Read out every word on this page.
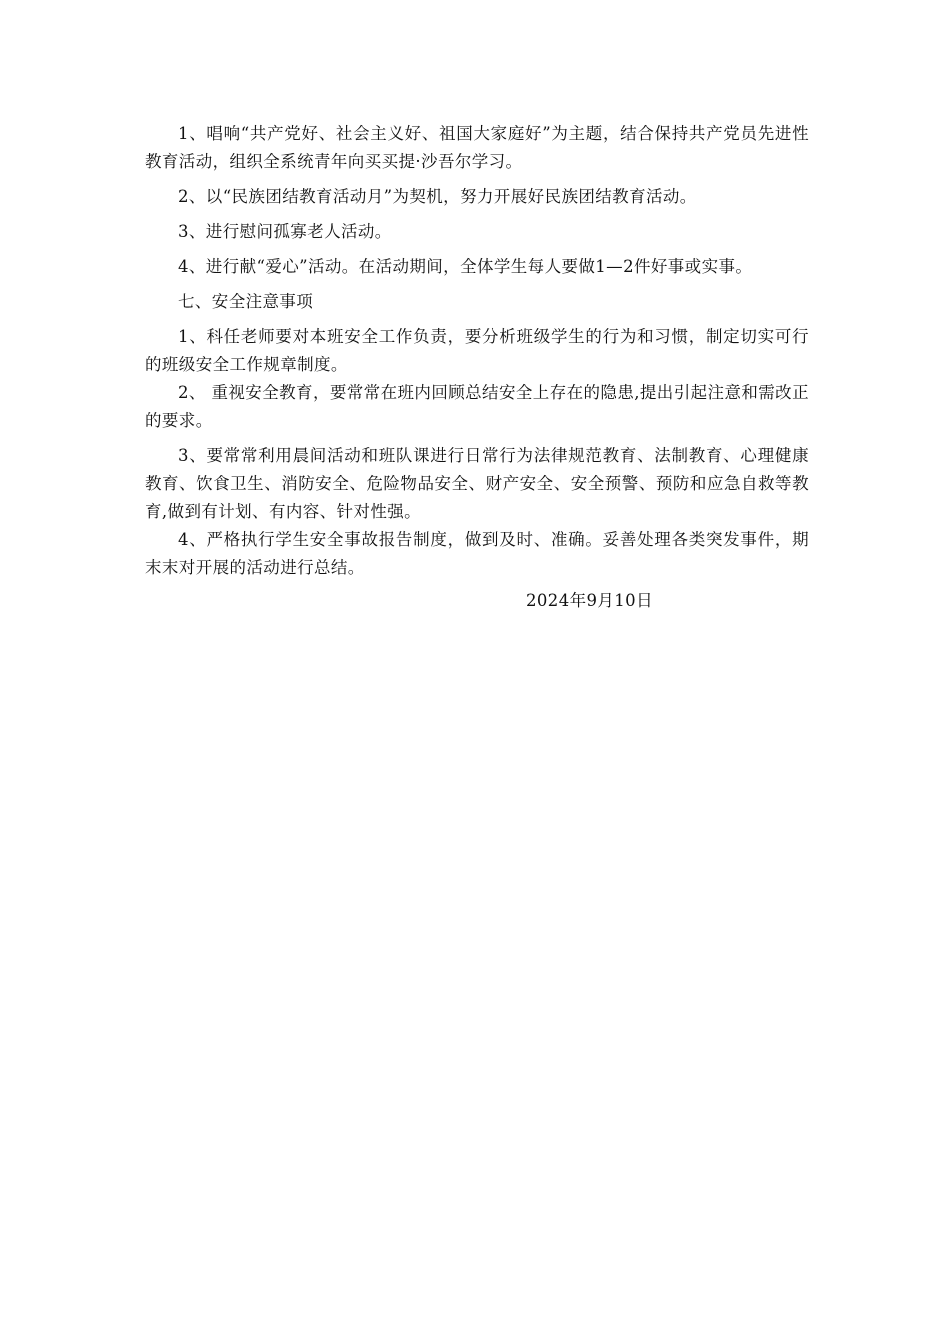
1、唱响“共产党好、社会主义好、祖国大家庭好”为主题，结合保持共产党员先进性教育活动，组织全系统青年向买买提·沙吾尔学习。

2、以“民族团结教育活动月”为契机，努力开展好民族团结教育活动。

3、进行慰问孤寡老人活动。

4、进行献“爱心”活动。在活动期间，全体学生每人要做1—2件好事或实事。

七、安全注意事项

1、科任老师要对本班安全工作负责，要分析班级学生的行为和习惯，制定切实可行的班级安全工作规章制度。

2、 重视安全教育，要常常在班内回顾总结安全上存在的隐患,提出引起注意和需改正的要求。

3、要常常利用晨间活动和班队课进行日常行为法律规范教育、法制教育、心理健康教育、饮食卫生、消防安全、危险物品安全、财产安全、安全预警、预防和应急自救等教育,做到有计划、有内容、针对性强。

4、严格执行学生安全事故报告制度，做到及时、准确。妥善处理各类突发事件，期末末对开展的活动进行总结。

2024年9月10日
